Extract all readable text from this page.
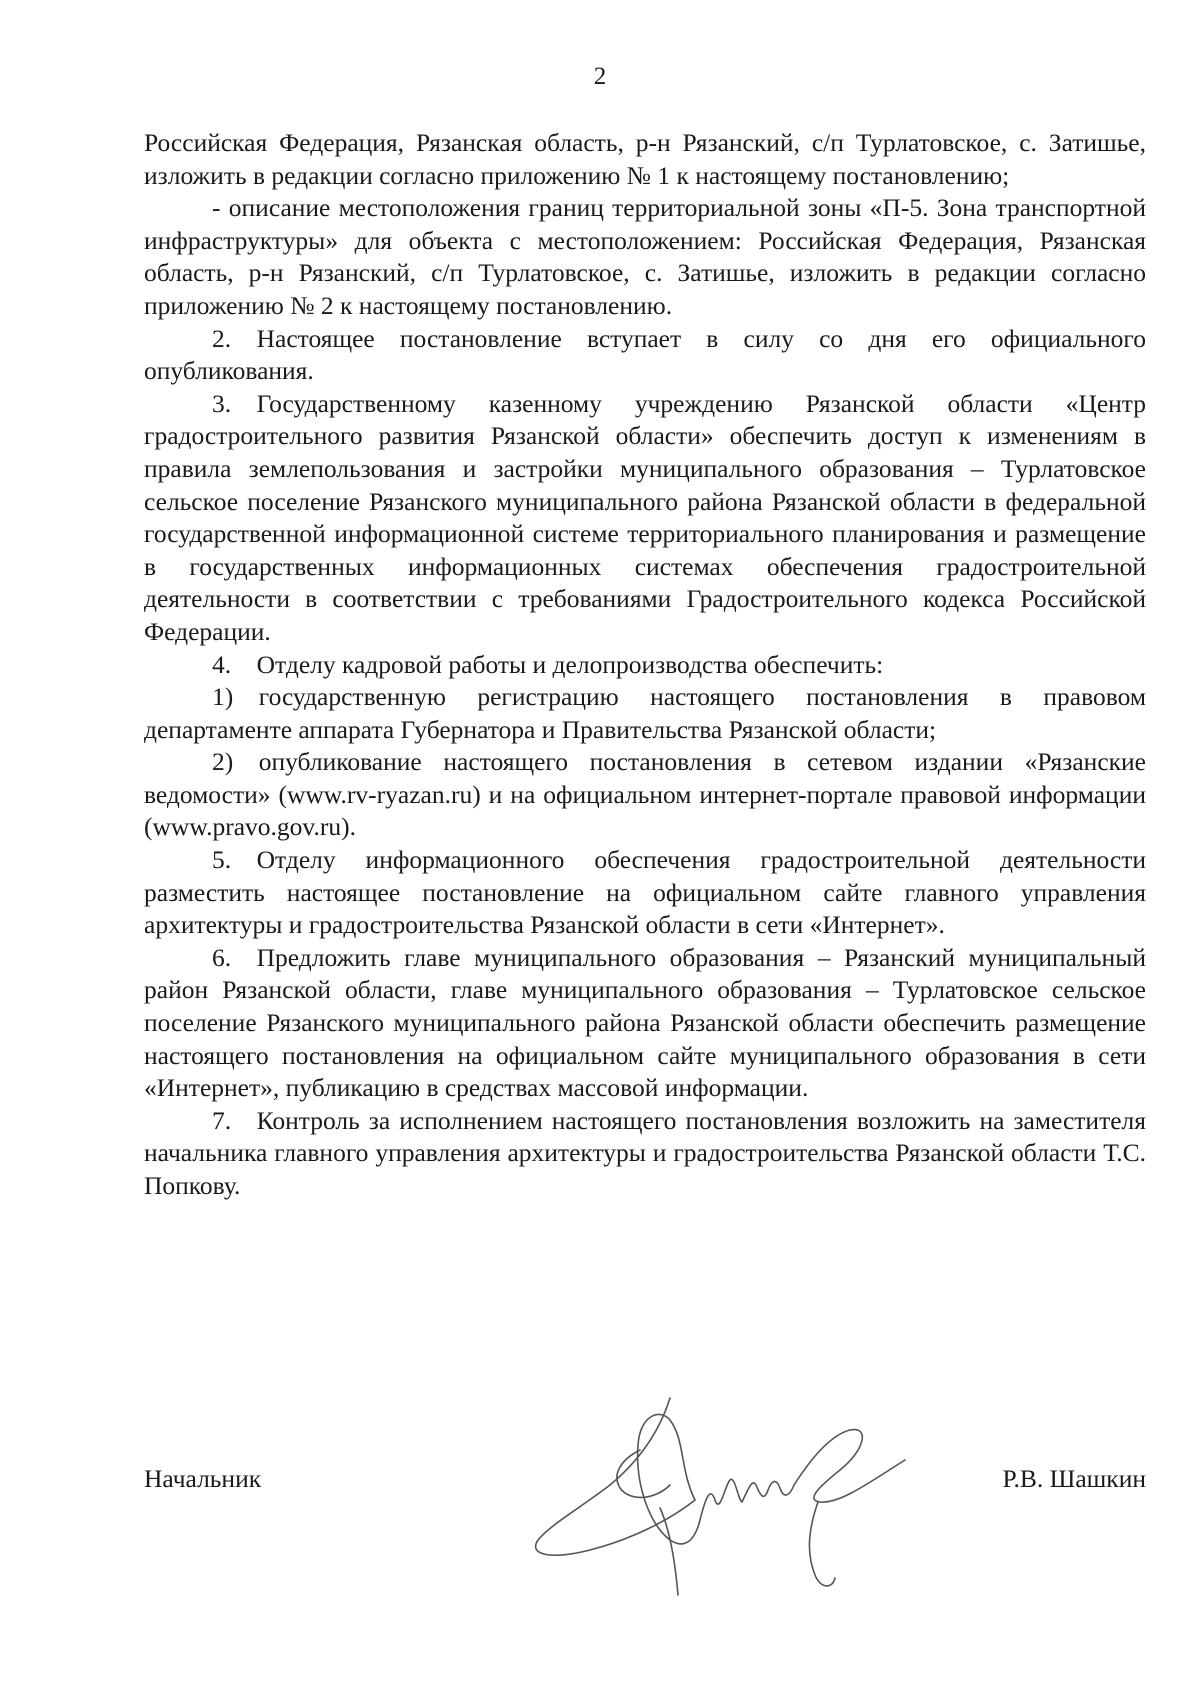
2

Российская Федерация, Рязанская область, р-н Рязанский, с/п Турлатовское, с. Затишье, изложить в редакции согласно приложению № 1 к настоящему постановлению;

- описание местоположения границ территориальной зоны «П-5. Зона транспортной инфраструктуры» для объекта с местоположением: Российская Федерация, Рязанская область, р-н Рязанский, с/п Турлатовское, с. Затишье, изложить в редакции согласно приложению № 2 к настоящему постановлению.

2. Настоящее постановление вступает в силу со дня его официального опубликования.

3. Государственному казенному учреждению Рязанской области «Центр градостроительного развития Рязанской области» обеспечить доступ к изменениям в правила землепользования и застройки муниципального образования – Турлатовское сельское поселение Рязанского муниципального района Рязанской области в федеральной государственной информационной системе территориального планирования и размещение в государственных информационных системах обеспечения градостроительной деятельности в соответствии с требованиями Градостроительного кодекса Российской Федерации.

4. Отделу кадровой работы и делопроизводства обеспечить:

1) государственную регистрацию настоящего постановления в правовом департаменте аппарата Губернатора и Правительства Рязанской области;

2) опубликование настоящего постановления в сетевом издании «Рязанские ведомости» (www.rv-ryazan.ru) и на официальном интернет-портале правовой информации (www.pravo.gov.ru).

5. Отделу информационного обеспечения градостроительной деятельности разместить настоящее постановление на официальном сайте главного управления архитектуры и градостроительства Рязанской области в сети «Интернет».

6. Предложить главе муниципального образования – Рязанский муниципальный район Рязанской области, главе муниципального образования – Турлатовское сельское поселение Рязанского муниципального района Рязанской области обеспечить размещение настоящего постановления на официальном сайте муниципального образования в сети «Интернет», публикацию в средствах массовой информации.

7. Контроль за исполнением настоящего постановления возложить на заместителя начальника главного управления архитектуры и градостроительства Рязанской области Т.С. Попкову.

Начальник	Р.В. Шашкин
